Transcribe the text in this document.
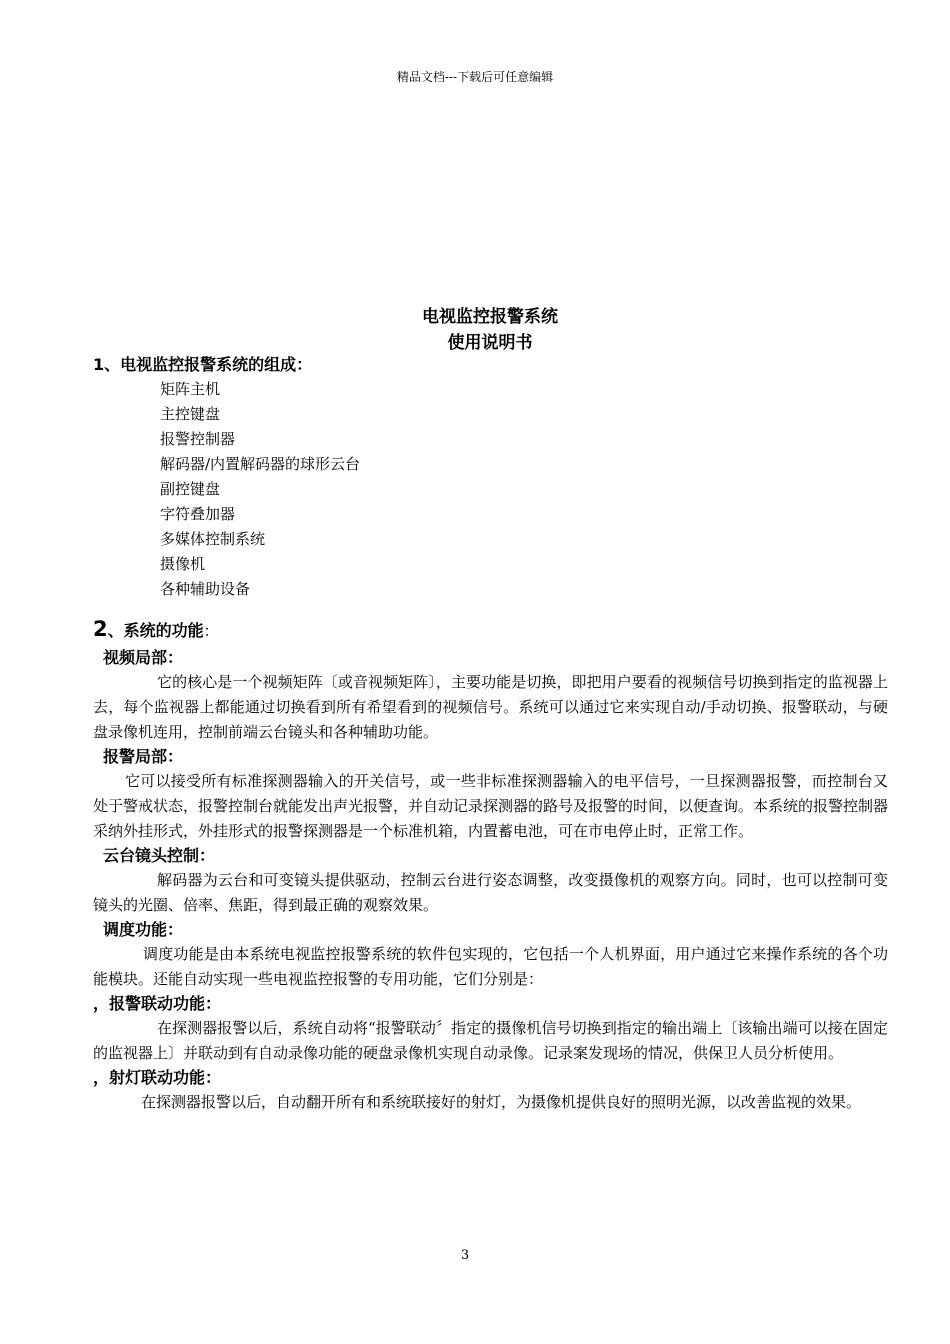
精品文档---下载后可任意编辑
电视监控报警系统
使用说明书
1、电视监控报警系统的组成：
矩阵主机
主控键盘
报警控制器
解码器/内置解码器的球形云台
副控键盘
字符叠加器
多媒体控制系统
摄像机
各种辅助设备
2、系统的功能：
视频局部：

它的核心是一个视频矩阵〔或音视频矩阵〕，主要功能是切换，即把用户要看的视频信号切换到指定的监视器上去，每个监视器上都能通过切换看到所有希望看到的视频信号。系统可以通过它来实现自动/手动切换、报警联动，与硬盘录像机连用，控制前端云台镜头和各种辅助功能。

报警局部：

它可以接受所有标准探测器输入的开关信号，或一些非标准探测器输入的电平信号，一旦探测器报警，而控制台又处于警戒状态，报警控制台就能发出声光报警，并自动记录探测器的路号及报警的时间，以便查询。本系统的报警控制器采纳外挂形式，外挂形式的报警探测器是一个标准机箱，内置蓄电池，可在市电停止时，正常工作。

云台镜头控制：

解码器为云台和可变镜头提供驱动，控制云台进行姿态调整，改变摄像机的观察方向。同时，也可以控制可变镜头的光圈、倍率、焦距，得到最正确的观察效果。

调度功能：

调度功能是由本系统电视监控报警系统的软件包实现的，它包括一个人机界面，用户通过它来操作系统的各个功能模块。还能自动实现一些电视监控报警的专用功能，它们分别是：

，报警联动功能：

在探测器报警以后，系统自动将“报警联动〞指定的摄像机信号切换到指定的输出端上〔该输出端可以接在固定的监视器上〕并联动到有自动录像功能的硬盘录像机实现自动录像。记录案发现场的情况，供保卫人员分析使用。

，射灯联动功能：

在探测器报警以后，自动翻开所有和系统联接好的射灯，为摄像机提供良好的照明光源，以改善监视的效果。

3
